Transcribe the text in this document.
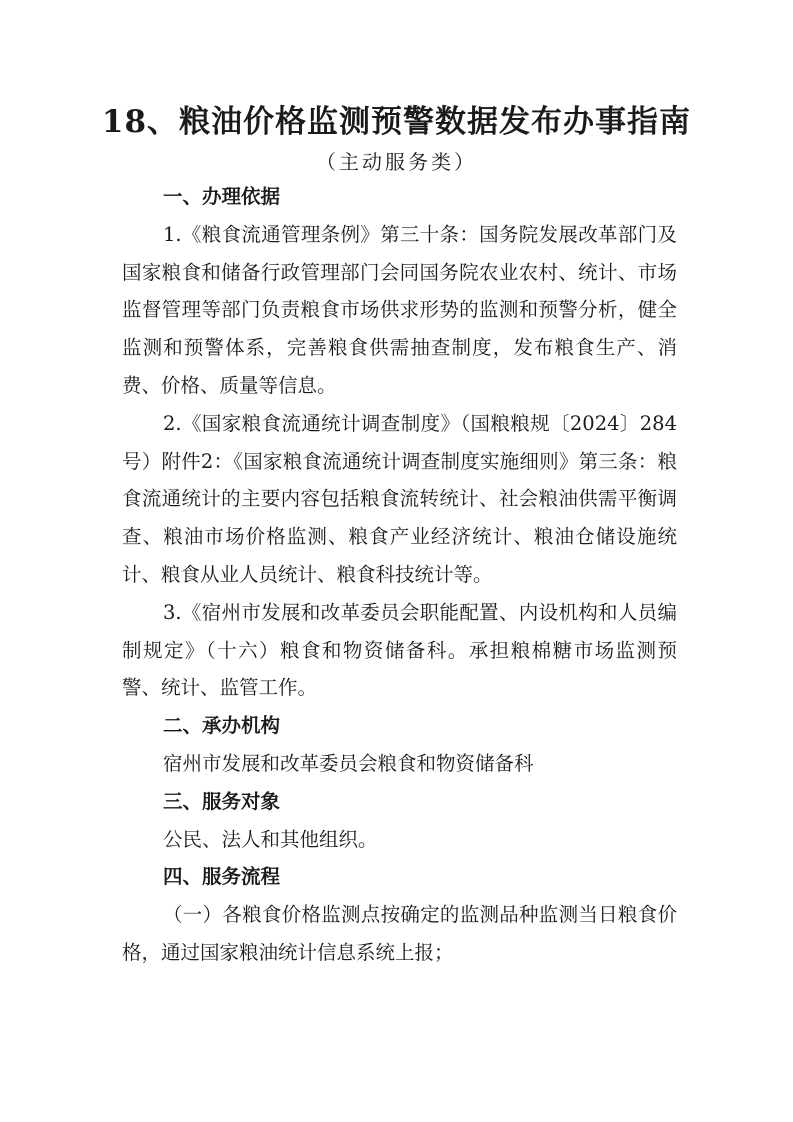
18、粮油价格监测预警数据发布办事指南
（主动服务类）

一、办理依据

1.《粮食流通管理条例》第三十条：国务院发展改革部门及国家粮食和储备行政管理部门会同国务院农业农村、统计、市场监督管理等部门负责粮食市场供求形势的监测和预警分析，健全监测和预警体系，完善粮食供需抽查制度，发布粮食生产、消费、价格、质量等信息。

2.《国家粮食流通统计调查制度》（国粮粮规〔2024〕284号）附件2：《国家粮食流通统计调查制度实施细则》第三条：粮食流通统计的主要内容包括粮食流转统计、社会粮油供需平衡调查、粮油市场价格监测、粮食产业经济统计、粮油仓储设施统计、粮食从业人员统计、粮食科技统计等。

3.《宿州市发展和改革委员会职能配置、内设机构和人员编制规定》（十六）粮食和物资储备科。承担粮棉糖市场监测预警、统计、监管工作。

二、承办机构

宿州市发展和改革委员会粮食和物资储备科

三、服务对象

公民、法人和其他组织。

四、服务流程

（一）各粮食价格监测点按确定的监测品种监测当日粮食价格，通过国家粮油统计信息系统上报；
